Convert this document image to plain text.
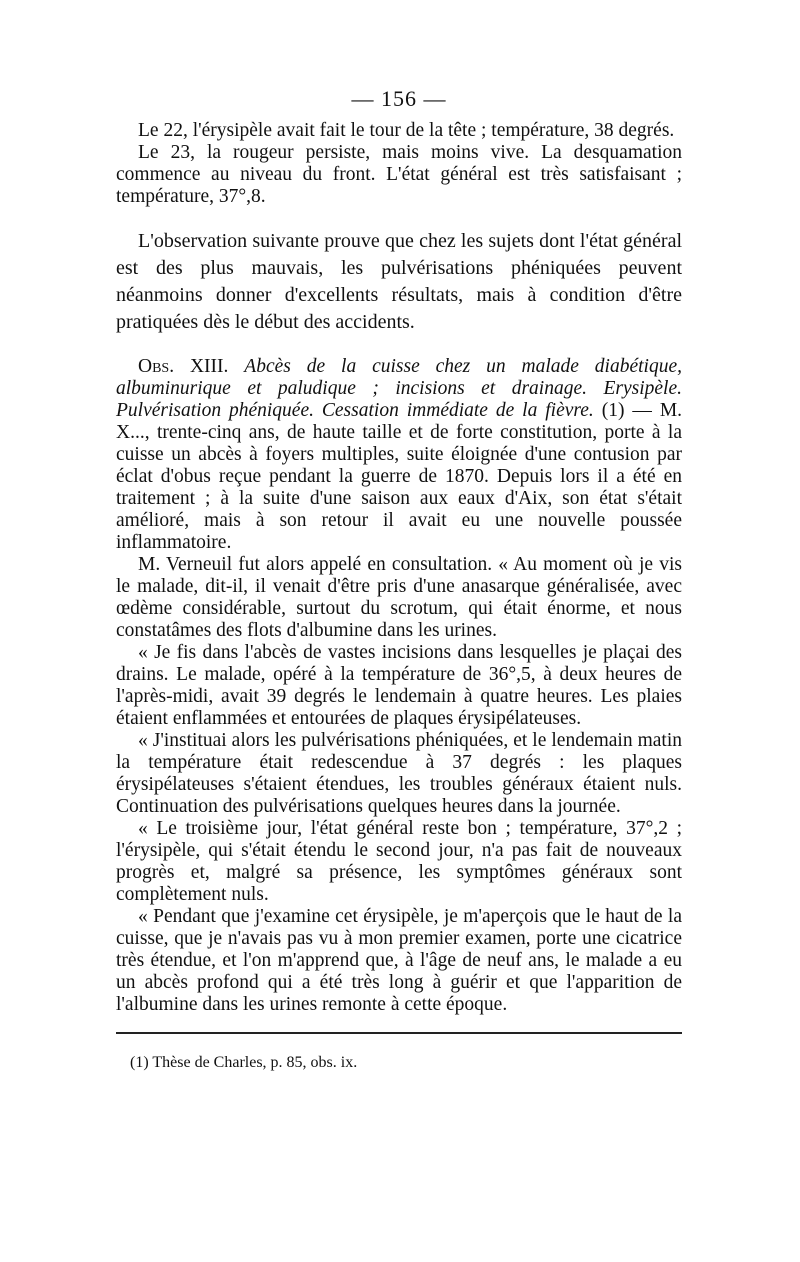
— 156 —

Le 22, l'érysipèle avait fait le tour de la tête ; température, 38 degrés.

Le 23, la rougeur persiste, mais moins vive. La desquamation commence au niveau du front. L'état général est très satisfaisant ; température, 37°,8.

L'observation suivante prouve que chez les sujets dont l'état général est des plus mauvais, les pulvérisations phéniquées peuvent néanmoins donner d'excellents résultats, mais à condition d'être pratiquées dès le début des accidents.

Obs. XIII. Abcès de la cuisse chez un malade diabétique, albuminurique et paludique ; incisions et drainage. Erysipèle. Pulvérisation phéniquée. Cessation immédiate de la fièvre. (1) — M. X..., trente-cinq ans, de haute taille et de forte constitution, porte à la cuisse un abcès à foyers multiples, suite éloignée d'une contusion par éclat d'obus reçue pendant la guerre de 1870. Depuis lors il a été en traitement ; à la suite d'une saison aux eaux d'Aix, son état s'était amélioré, mais à son retour il avait eu une nouvelle poussée inflammatoire.

M. Verneuil fut alors appelé en consultation. « Au moment où je vis le malade, dit-il, il venait d'être pris d'une anasarque généralisée, avec œdème considérable, surtout du scrotum, qui était énorme, et nous constatâmes des flots d'albumine dans les urines.

« Je fis dans l'abcès de vastes incisions dans lesquelles je plaçai des drains. Le malade, opéré à la température de 36°,5, à deux heures de l'après-midi, avait 39 degrés le lendemain à quatre heures. Les plaies étaient enflammées et entourées de plaques érysipélateuses.

« J'instituai alors les pulvérisations phéniquées, et le lendemain matin la température était redescendue à 37 degrés : les plaques érysipélateuses s'étaient étendues, les troubles généraux étaient nuls. Continuation des pulvérisations quelques heures dans la journée.

« Le troisième jour, l'état général reste bon ; température, 37°,2 ; l'érysipèle, qui s'était étendu le second jour, n'a pas fait de nouveaux progrès et, malgré sa présence, les symptômes généraux sont complètement nuls.

« Pendant que j'examine cet érysipèle, je m'aperçois que le haut de la cuisse, que je n'avais pas vu à mon premier examen, porte une cicatrice très étendue, et l'on m'apprend que, à l'âge de neuf ans, le malade a eu un abcès profond qui a été très long à guérir et que l'apparition de l'albumine dans les urines remonte à cette époque.

(1) Thèse de Charles, p. 85, obs. ix.
